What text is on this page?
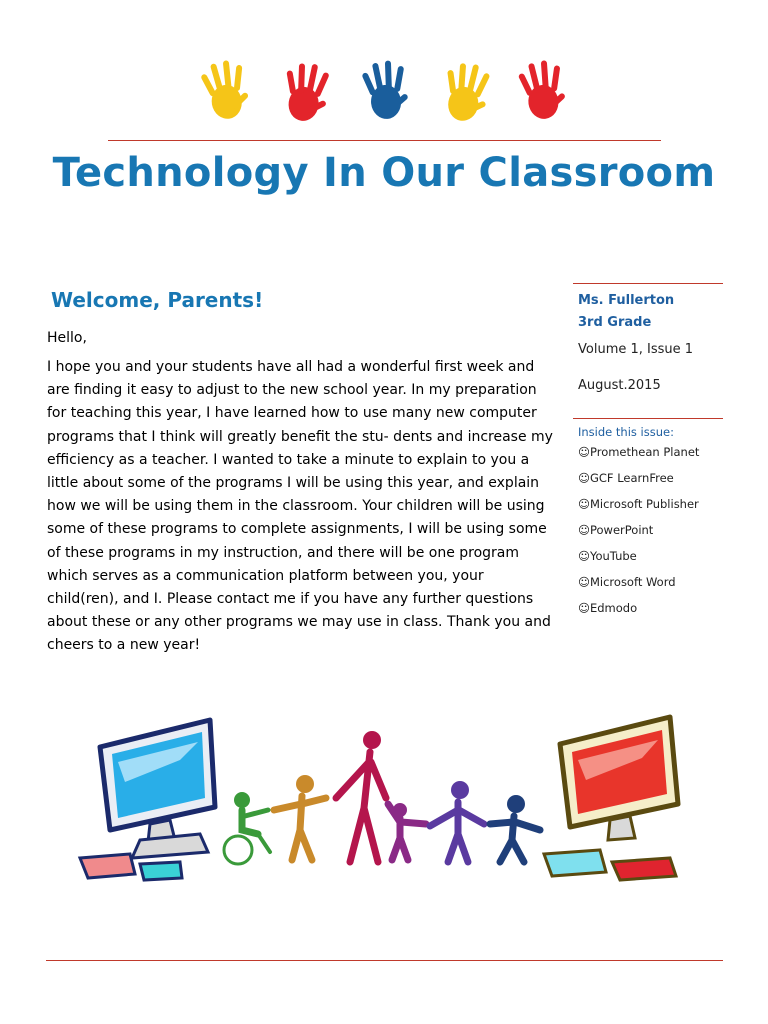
Technology In Our Classroom
Welcome, Parents!
Hello,
I hope you and your students have all had a wonderful first week and are finding it easy to adjust to the new school year. In my preparation for teaching this year, I have learned how to use many new computer programs that I think will greatly benefit the stu- dents and increase my efficiency as a teacher. I wanted to take a minute to explain to you a little about some of the programs I will be using this year, and explain how we will be using them in the classroom. Your children will be using some of these programs to complete assignments, I will be using some of these programs in my instruction, and there will be one program which serves as a communication platform between you, your child(ren), and I. Please contact me if you have any further questions about these or any other programs we may use in class. Thank you and cheers to a new year!
Ms. Fullerton
3rd Grade
Volume 1, Issue 1
August.2015
Inside this issue:
☺Promethean Planet
☺GCF LearnFree
☺Microsoft Publisher
☺PowerPoint
☺YouTube
☺Microsoft Word
☺Edmodo
